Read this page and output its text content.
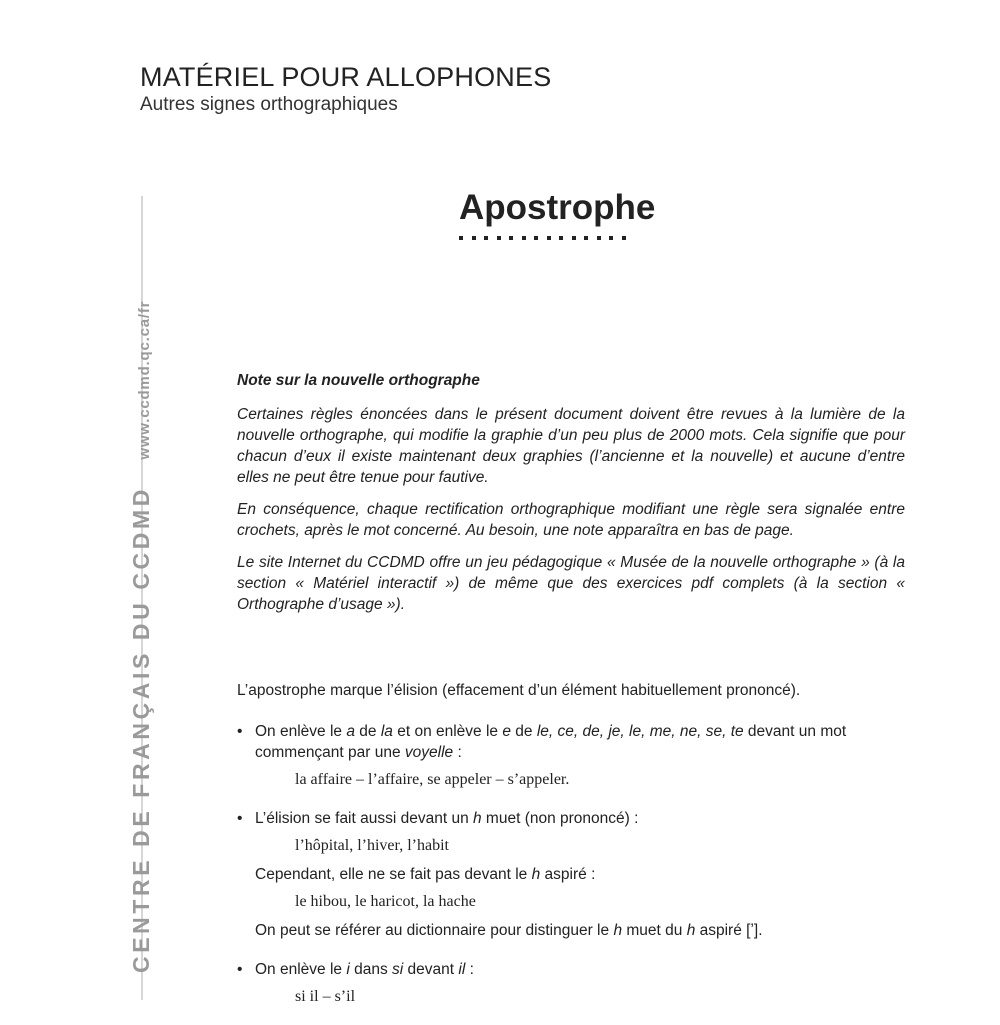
MATÉRIEL POUR ALLOPHONES
Autres signes orthographiques
CENTRE DE FRANÇAIS DU CCDMD www.ccdmd.qc.ca/fr
Apostrophe

Note sur la nouvelle orthographe

Certaines règles énoncées dans le présent document doivent être revues à la lumière de la nouvelle orthographe, qui modifie la graphie d’un peu plus de 2000 mots. Cela signifie que pour chacun d’eux il existe maintenant deux graphies (l’ancienne et la nouvelle) et aucune d’entre elles ne peut être tenue pour fautive.

En conséquence, chaque rectification orthographique modifiant une règle sera signalée entre crochets, après le mot concerné. Au besoin, une note apparaîtra en bas de page.

Le site Internet du CCDMD offre un jeu pédagogique « Musée de la nouvelle orthographe » (à la section « Matériel interactif ») de même que des exercices pdf complets (à la section « Orthographe d’usage »).

L’apostrophe marque l’élision (effacement d’un élément habituellement prononcé).

• On enlève le a de la et on enlève le e de le, ce, de, je, le, me, ne, se, te devant un mot commençant par une voyelle :

la affaire – l’affaire, se appeler – s’appeler.

• L’élision se fait aussi devant un h muet (non prononcé) :

l’hôpital, l’hiver, l’habit

Cependant, elle ne se fait pas devant le h aspiré :

le hibou, le haricot, la hache

On peut se référer au dictionnaire pour distinguer le h muet du h aspiré [ʼ].

• On enlève le i dans si devant il :

si il – s’il
